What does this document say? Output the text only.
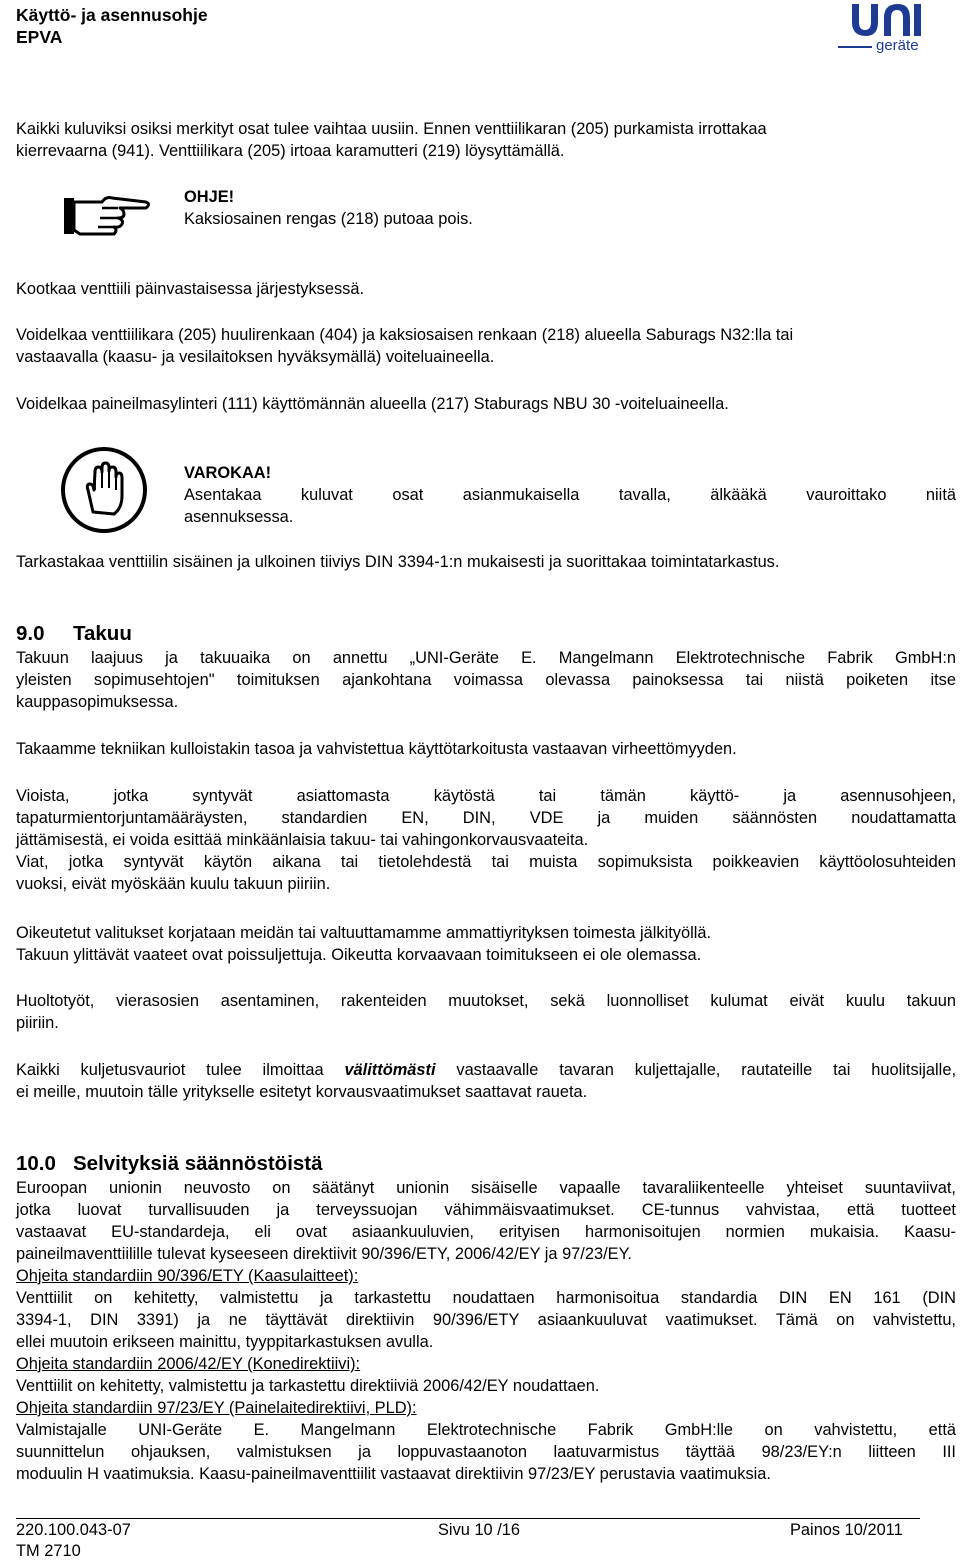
Käyttö- ja asennusohje
EPVA	geräte
Kaikki kuluviksi osiksi merkityt osat tulee vaihtaa uusiin. Ennen venttiilikaran (205) purkamista irrottakaa
kierrevaarna (941). Venttiilikara (205) irtoaa karamutteri (219) löysyttämällä.
OHJE!
Kaksiosainen rengas (218) putoaa pois.
Kootkaa venttiili päinvastaisessa järjestyksessä.
Voidelkaa venttiilikara (205) huulirenkaan (404) ja kaksiosaisen renkaan (218) alueella Saburags N32:lla tai
vastaavalla (kaasu- ja vesilaitoksen hyväksymällä) voiteluaineella.
Voidelkaa paineilmasylinteri (111) käyttömännän alueella (217) Staburags NBU 30 -voiteluaineella.
VAROKAA!
Asentakaa kuluvat osat asianmukaisella tavalla, älkääkä vauroittako niitä
asennuksessa.
Tarkastakaa venttiilin sisäinen ja ulkoinen tiiviys DIN 3394-1:n mukaisesti ja suorittakaa toimintatarkastus.
9.0 Takuu
Takuun laajuus ja takuuaika on annettu „UNI-Geräte E. Mangelmann Elektrotechnische Fabrik GmbH:n
yleisten sopimusehtojen" toimituksen ajankohtana voimassa olevassa painoksessa tai niistä poiketen itse
kauppasopimuksessa.
Takaamme tekniikan kulloistakin tasoa ja vahvistettua käyttötarkoitusta vastaavan virheettömyyden.
Vioista, jotka syntyvät asiattomasta käytöstä tai tämän käyttö- ja asennusohjeen,
tapaturmientorjuntamääräysten, standardien EN, DIN, VDE ja muiden säännösten noudattamatta
jättämisestä, ei voida esittää minkäänlaisia takuu- tai vahingonkorvausvaateita.
Viat, jotka syntyvät käytön aikana tai tietolehdestä tai muista sopimuksista poikkeavien käyttöolosuhteiden
vuoksi, eivät myöskään kuulu takuun piiriin.
Oikeutetut valitukset korjataan meidän tai valtuuttamamme ammattiyrityksen toimesta jälkityöllä.
Takuun ylittävät vaateet ovat poissuljettuja. Oikeutta korvaavaan toimitukseen ei ole olemassa.
Huoltotyöt, vierasosien asentaminen, rakenteiden muutokset, sekä luonnolliset kulumat eivät kuulu takuun
piiriin.
Kaikki kuljetusvauriot tulee ilmoittaa välittömästi vastaavalle tavaran kuljettajalle, rautateille tai huolitsijalle,
ei meille, muutoin tälle yritykselle esitetyt korvausvaatimukset saattavat raueta.
10.0 Selvityksiä säännöstöistä
Euroopan unionin neuvosto on säätänyt unionin sisäiselle vapaalle tavaraliikenteelle yhteiset suuntaviivat,
jotka luovat turvallisuuden ja terveyssuojan vähimmäisvaatimukset. CE-tunnus vahvistaa, että tuotteet
vastaavat EU-standardeja, eli ovat asiaankuuluvien, erityisen harmonisoitujen normien mukaisia. Kaasu-
paineilmaventtiilille tulevat kyseeseen direktiivit 90/396/ETY, 2006/42/EY ja 97/23/EY.
Ohjeita standardiin 90/396/ETY (Kaasulaitteet):
Venttiilit on kehitetty, valmistettu ja tarkastettu noudattaen harmonisoitua standardia DIN EN 161 (DIN
3394-1, DIN 3391) ja ne täyttävät direktiivin 90/396/ETY asiaankuuluvat vaatimukset. Tämä on vahvistettu,
ellei muutoin erikseen mainittu, tyyppitarkastuksen avulla.
Ohjeita standardiin 2006/42/EY (Konedirektiivi):
Venttiilit on kehitetty, valmistettu ja tarkastettu direktiiviä 2006/42/EY noudattaen.
Ohjeita standardiin 97/23/EY (Painelaitedirektiivi, PLD):
Valmistajalle UNI-Geräte E. Mangelmann Elektrotechnische Fabrik GmbH:lle on vahvistettu, että
suunnittelun ohjauksen, valmistuksen ja loppuvastaanoton laatuvarmistus täyttää 98/23/EY:n liitteen III
moduulin H vaatimuksia. Kaasu-paineilmaventtiilit vastaavat direktiivin 97/23/EY perustavia vaatimuksia.
220.100.043-07
TM 2710
Sivu 10 /16	Painos 10/2011
